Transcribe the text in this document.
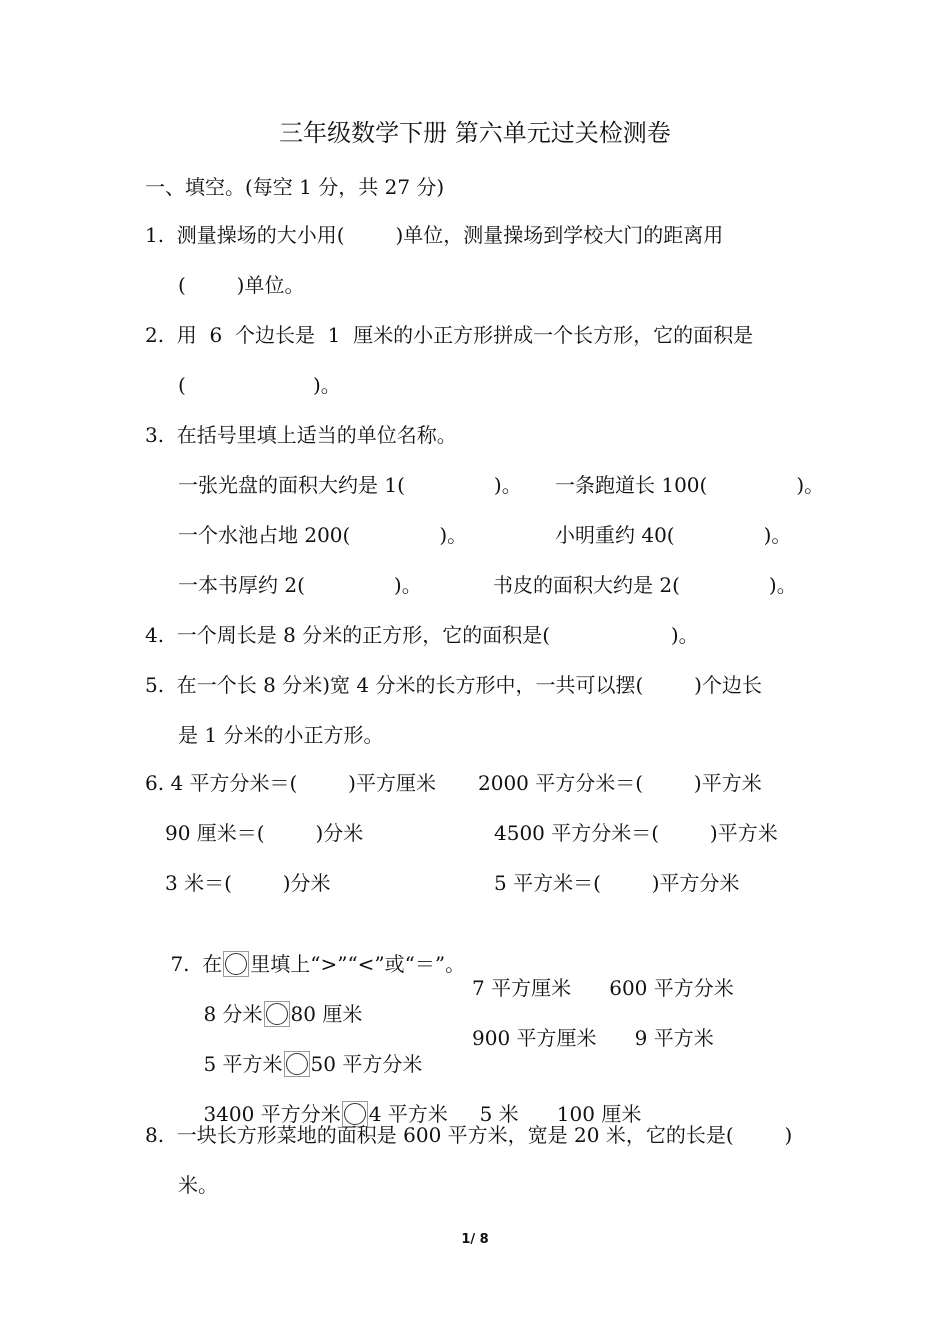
三年级数学下册 第六单元过关检测卷
一、填空。(每空 1 分，共 27 分)
1.  测量操场的大小用(        )单位，测量操场到学校大门的距离用
(        )单位。
2.  用  6  个边长是  1  厘米的小正方形拼成一个长方形，它的面积是
(                    )。
3.  在括号里填上适当的单位名称。
一张光盘的面积大约是 1(              )。 一条跑道长 100(              )。
一个水池占地 200(              )。	小明重约 40(              )。
一本书厚约 2(              )。	书皮的面积大约是 2(              )。
4.  一个周长是 8 分米的正方形，它的面积是(                   )。
5.  在一个长 8 分米)宽 4 分米的长方形中，一共可以摆(        )个边长
是 1 分米的小正方形。
6. 4 平方分米＝(        )平方厘米 2000 平方分米＝(        )平方米
90 厘米＝(        )分米	4500 平方分米＝(        )平方米
3 米＝(        )分米	5 平方米＝(        )平方分米

7.  在 里填上“>”“<”或“＝”。

8 分米 80 厘米

7 平方厘米      600 平方分米

5 平方米 50 平方分米

900 平方厘米      9 平方米

3400 平方分米 4 平方米     5 米      100 厘米

8.  一块长方形菜地的面积是 600 平方米，宽是 20 米，它的长是(        )
米。
1/ 8
